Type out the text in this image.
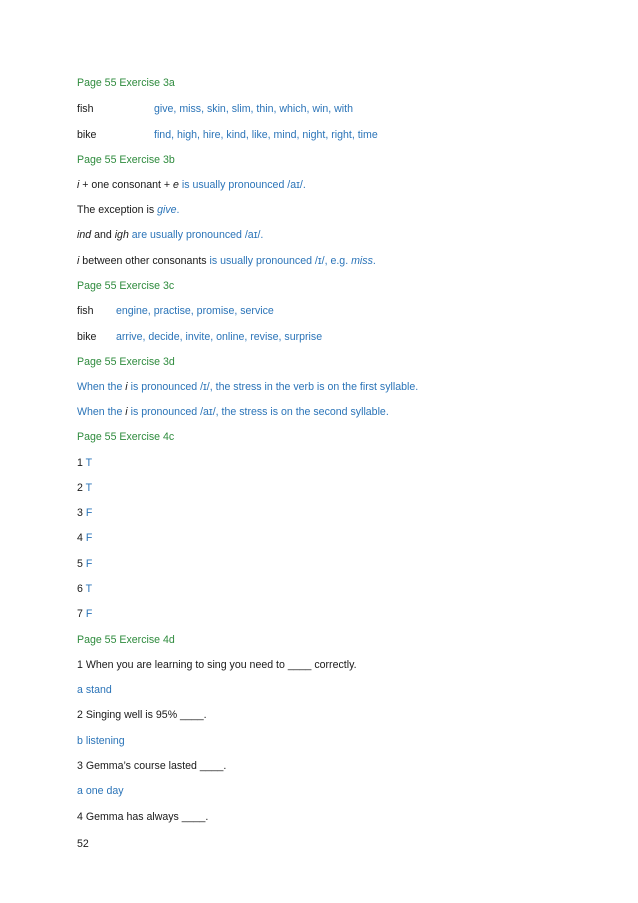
Page 55 Exercise 3a
fish	give, miss, skin, slim, thin, which, win, with
bike	find, high, hire, kind, like, mind, night, right, time
Page 55 Exercise 3b
i + one consonant + e is usually pronounced /aɪ/.
The exception is give.
ind and igh are usually pronounced /aɪ/.
i between other consonants is usually pronounced /ɪ/, e.g. miss.
Page 55 Exercise 3c
fish engine, practise, promise, service
bike arrive, decide, invite, online, revise, surprise
Page 55 Exercise 3d
When the i is pronounced /ɪ/, the stress in the verb is on the first syllable.
When the i is pronounced /aɪ/, the stress is on the second syllable.
Page 55 Exercise 4c
1 T
2 T
3 F
4 F
5 F
6 T
7 F
Page 55 Exercise 4d
1 When you are learning to sing you need to ____ correctly.
a stand
2 Singing well is 95% ____.
b listening
3 Gemma’s course lasted ____.
a one day
4 Gemma has always ____.
52
